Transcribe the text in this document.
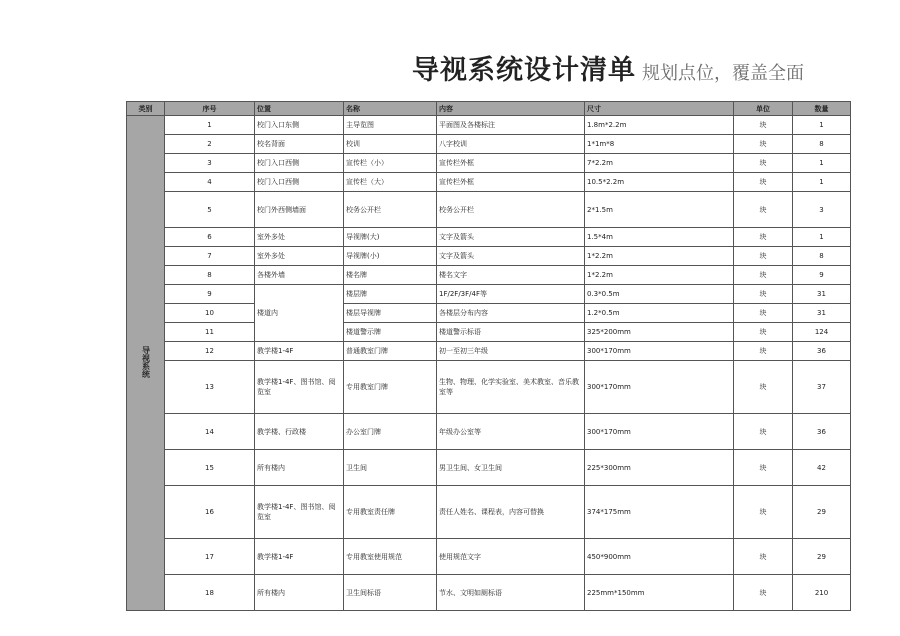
导视系统设计清单 规划点位，覆盖全面
类别	序号	位置	名称	内容	尺寸	单位	数量
导视系统	1	校门入口东侧	主导览图	平面图及各楼标注	1.8m*2.2m	块	1
	2	校名背面	校训	八字校训	1*1m*8	块	8
	3	校门入口西侧	宣传栏（小）	宣传栏外框	7*2.2m	块	1
	4	校门入口西侧	宣传栏（大）	宣传栏外框	10.5*2.2m	块	1
	5	校门外西侧墙面	校务公开栏	校务公开栏	2*1.5m	块	3
	6	室外多处	导视牌(大)	文字及箭头	1.5*4m	块	1
	7	室外多处	导视牌(小)	文字及箭头	1*2.2m	块	8
	8	各楼外墙	楼名牌	楼名文字	1*2.2m	块	9
	9	楼道内	楼层牌	1F/2F/3F/4F等	0.3*0.5m	块	31
	10		楼层导视牌	各楼层分布内容	1.2*0.5m	块	31
	11		楼道警示牌	楼道警示标语	325*200mm	块	124
	12	教学楼1-4F	普通教室门牌	初一至初三年级	300*170mm	块	36
	13	教学楼1-4F、图书馆、阅览室	专用教室门牌	生物、物理、化学实验室、美术教室、音乐教室等	300*170mm	块	37
	14	教学楼、行政楼	办公室门牌	年级办公室等	300*170mm	块	36
	15	所有楼内	卫生间	男卫生间、女卫生间	225*300mm	块	42
	16	教学楼1-4F、图书馆、阅览室	专用教室责任牌	责任人姓名、课程表，内容可替换	374*175mm	块	29
	17	教学楼1-4F	专用教室使用规范	使用规范文字	450*900mm	块	29
	18	所有楼内	卫生间标语	节水、文明如厕标语	225mm*150mm	块	210
